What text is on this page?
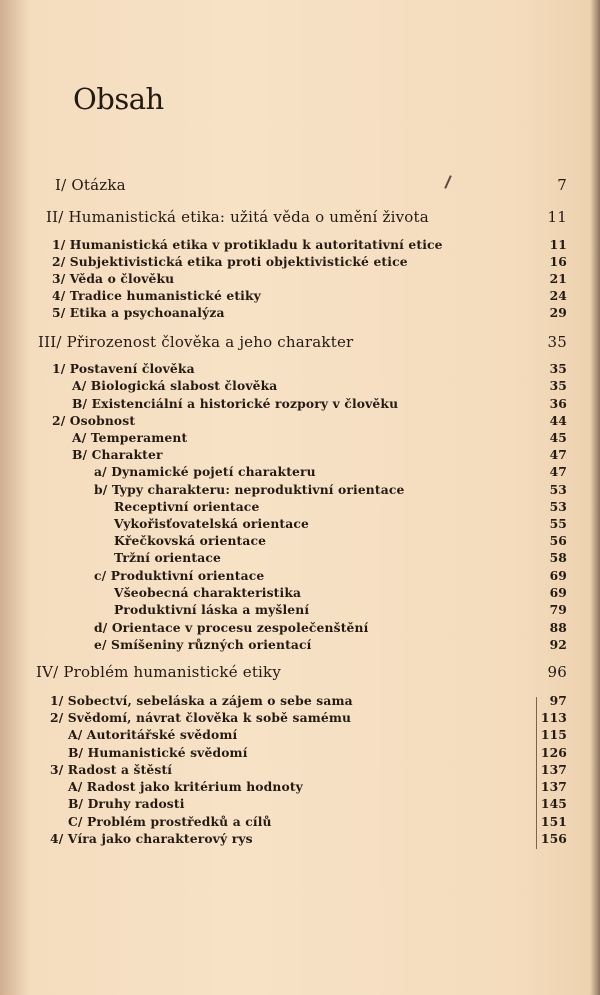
Obsah
I/ Otázka	7
II/ Humanistická etika: užitá věda o umění života	11
1/ Humanistická etika v protikladu k autoritativní etice	11
2/ Subjektivistická etika proti objektivistické etice	16
3/ Věda o člověku	21
4/ Tradice humanistické etiky	24
5/ Etika a psychoanalýza	29
III/ Přirozenost člověka a jeho charakter	35
1/ Postavení člověka	35
A/ Biologická slabost člověka	35
B/ Existenciální a historické rozpory v člověku	36
2/ Osobnost	44
A/ Temperament	45
B/ Charakter	47
a/ Dynamické pojetí charakteru	47
b/ Typy charakteru: neproduktivní orientace	53
Receptivní orientace	53
Vykořisťovatelská orientace	55
Křečkovská orientace	56
Tržní orientace	58
c/ Produktivní orientace	69
Všeobecná charakteristika	69
Produktivní láska a myšlení	79
d/ Orientace v procesu zespolečenštění	88
e/ Smíšeniny různých orientací	92
IV/ Problém humanistické etiky	96
1/ Sobectví, sebeláska a zájem o sebe sama	97
2/ Svědomí, návrat člověka k sobě samému	113
A/ Autoritářské svědomí	115
B/ Humanistické svědomí	126
3/ Radost a štěstí	137
A/ Radost jako kritérium hodnoty	137
B/ Druhy radosti	145
C/ Problém prostředků a cílů	151
4/ Víra jako charakterový rys	156
